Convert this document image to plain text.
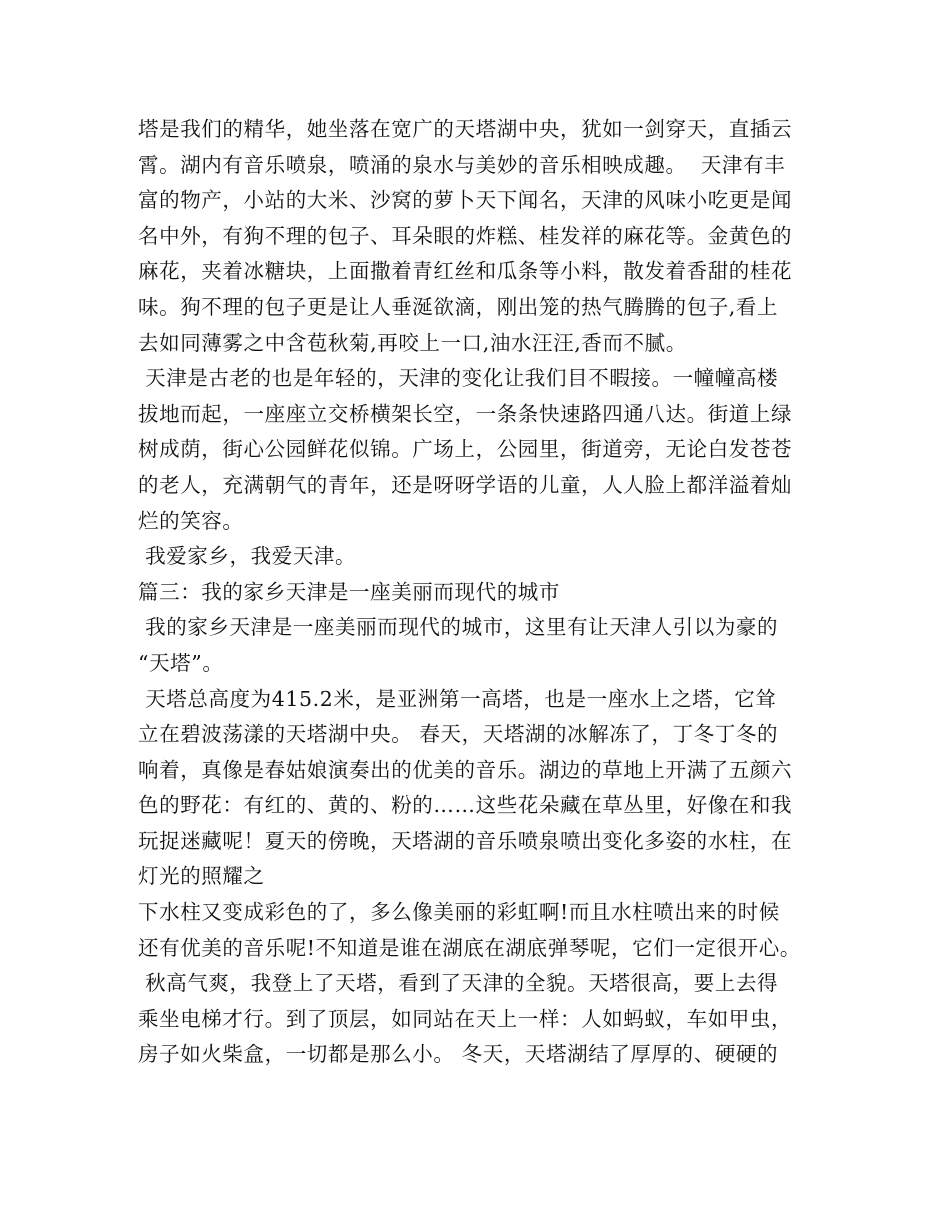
塔是我们的精华，她坐落在宽广的天塔湖中央，犹如一剑穿天，直插云
霄。湖内有音乐喷泉，喷涌的泉水与美妙的音乐相映成趣。  天津有丰
富的物产，小站的大米、沙窝的萝卜天下闻名，天津的风味小吃更是闻
名中外，有狗不理的包子、耳朵眼的炸糕、桂发祥的麻花等。金黄色的
麻花，夹着冰糖块，上面撒着青红丝和瓜条等小料，散发着香甜的桂花
味。狗不理的包子更是让人垂涎欲滴，刚出笼的热气腾腾的包子,看上
去如同薄雾之中含苞秋菊,再咬上一口,油水汪汪,香而不腻。
天津是古老的也是年轻的，天津的变化让我们目不暇接。一幢幢高楼
拔地而起，一座座立交桥横架长空，一条条快速路四通八达。街道上绿
树成荫，街心公园鲜花似锦。广场上，公园里，街道旁，无论白发苍苍
的老人，充满朝气的青年，还是呀呀学语的儿童，人人脸上都洋溢着灿
烂的笑容。
我爱家乡，我爱天津。
篇三：我的家乡天津是一座美丽而现代的城市
我的家乡天津是一座美丽而现代的城市，这里有让天津人引以为豪的
“天塔”。
天塔总高度为415.2米，是亚洲第一高塔，也是一座水上之塔，它耸
立在碧波荡漾的天塔湖中央。 春天，天塔湖的冰解冻了，丁冬丁冬的
响着，真像是春姑娘演奏出的优美的音乐。湖边的草地上开满了五颜六
色的野花：有红的、黄的、粉的……这些花朵藏在草丛里，好像在和我
玩捉迷藏呢！夏天的傍晚，天塔湖的音乐喷泉喷出变化多姿的水柱，在
灯光的照耀之
下水柱又变成彩色的了，多么像美丽的彩虹啊!而且水柱喷出来的时候
还有优美的音乐呢!不知道是谁在湖底在湖底弹琴呢，它们一定很开心。
秋高气爽，我登上了天塔，看到了天津的全貌。天塔很高，要上去得
乘坐电梯才行。到了顶层，如同站在天上一样：人如蚂蚁，车如甲虫，
房子如火柴盒，一切都是那么小。 冬天，天塔湖结了厚厚的、硬硬的
